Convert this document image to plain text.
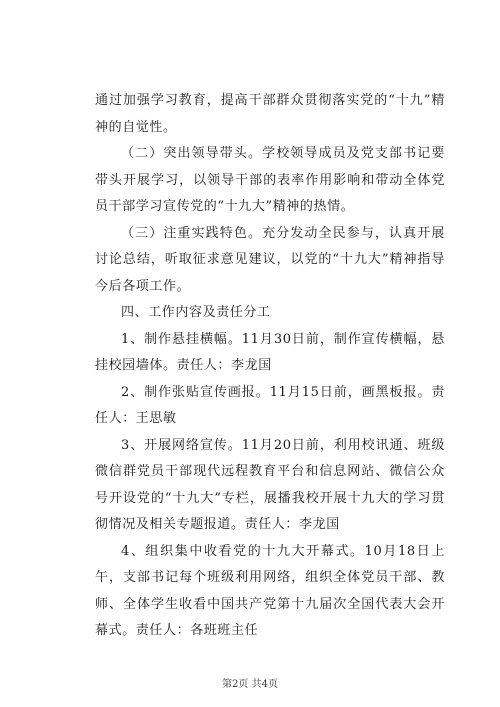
通过加强学习教育，提高干部群众贯彻落实党的“十九”精神的自觉性。

（二）突出领导带头。学校领导成员及党支部书记要带头开展学习，以领导干部的表率作用影响和带动全体党员干部学习宣传党的“十九大”精神的热情。

（三）注重实践特色。充分发动全民参与，认真开展讨论总结，听取征求意见建议，以党的“十九大”精神指导今后各项工作。

四、工作内容及责任分工

1、制作悬挂横幅。11月30日前，制作宣传横幅，悬挂校园墙体。责任人：李龙国

2、制作张贴宣传画报。11月15日前，画黑板报。责任人：王思敏

3、开展网络宣传。11月20日前，利用校讯通、班级微信群党员干部现代远程教育平台和信息网站、微信公众号开设党的“十九大”专栏，展播我校开展十九大的学习贯彻情况及相关专题报道。责任人：李龙国

4、组织集中收看党的十九大开幕式。10月18日上午，支部书记每个班级利用网络，组织全体党员干部、教师、全体学生收看中国共产党第十九届次全国代表大会开幕式。责任人：各班班主任

第2页 共4页
